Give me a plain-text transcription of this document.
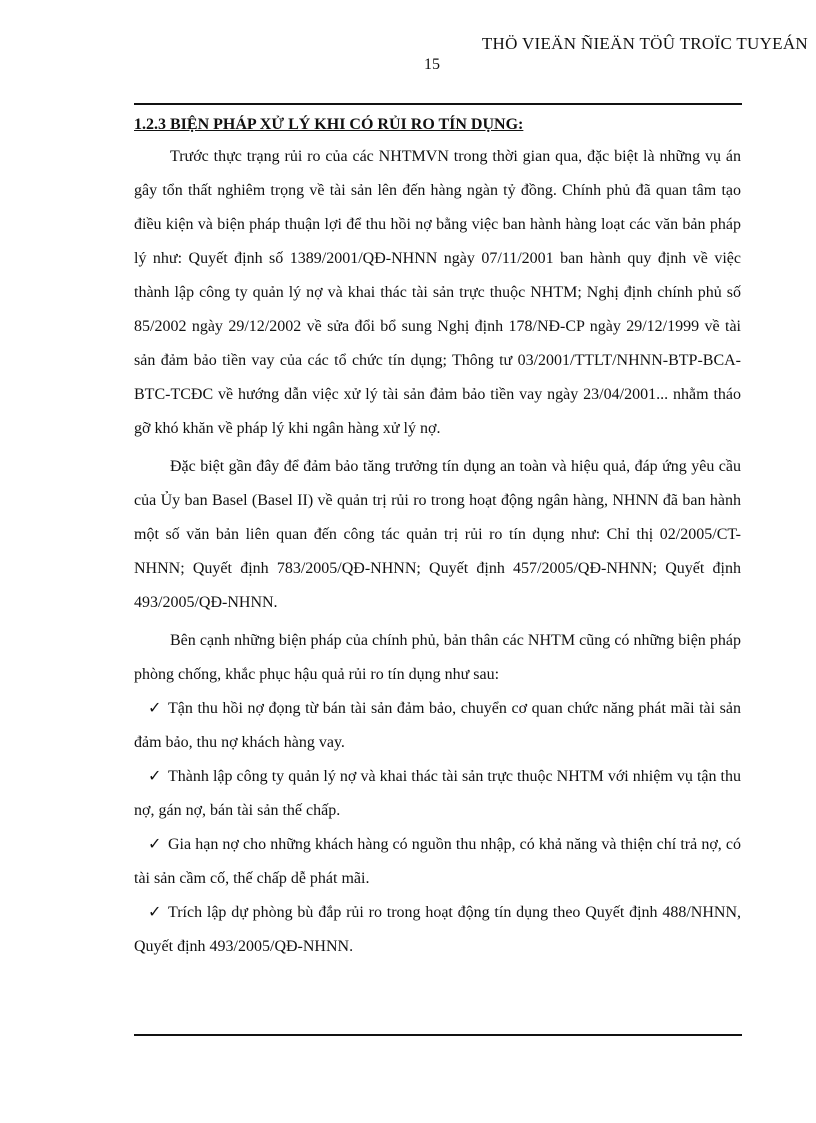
THÖ VIEÄN ÑIEÄN TÖÛ TROÏC TUYEÁN
15

1.2.3 BIỆN PHÁP XỬ LÝ KHI CÓ RỦI RO TÍN DỤNG:

Trước thực trạng rủi ro của các NHTMVN trong thời gian qua, đặc biệt là những vụ án gây tổn thất nghiêm trọng về tài sản lên đến hàng ngàn tỷ đồng. Chính phủ đã quan tâm tạo điều kiện và biện pháp thuận lợi để thu hồi nợ bằng việc ban hành hàng loạt các văn bản pháp lý như: Quyết định số 1389/2001/QĐ-NHNN ngày 07/11/2001 ban hành quy định về việc thành lập công ty quản lý nợ và khai thác tài sản trực thuộc NHTM; Nghị định chính phủ số 85/2002 ngày 29/12/2002 về sửa đổi bổ sung Nghị định 178/NĐ-CP ngày 29/12/1999 về tài sản đảm bảo tiền vay của các tổ chức tín dụng; Thông tư 03/2001/TTLT/NHNN-BTP-BCA-BTC-TCĐC về hướng dẫn việc xử lý tài sản đảm bảo tiền vay ngày 23/04/2001... nhằm tháo gỡ khó khăn về pháp lý khi ngân hàng xử lý nợ.

Đặc biệt gần đây để đảm bảo tăng trưởng tín dụng an toàn và hiệu quả, đáp ứng yêu cầu của Ủy ban Basel (Basel II) về quản trị rủi ro trong hoạt động ngân hàng, NHNN đã ban hành một số văn bản liên quan đến công tác quản trị rủi ro tín dụng như: Chỉ thị 02/2005/CT-NHNN; Quyết định 783/2005/QĐ-NHNN; Quyết định 457/2005/QĐ-NHNN; Quyết định 493/2005/QĐ-NHNN.

Bên cạnh những biện pháp của chính phủ, bản thân các NHTM cũng có những biện pháp phòng chống, khắc phục hậu quả rủi ro tín dụng như sau:

✓ Tận thu hồi nợ đọng từ bán tài sản đảm bảo, chuyển cơ quan chức năng phát mãi tài sản đảm bảo, thu nợ khách hàng vay.

✓ Thành lập công ty quản lý nợ và khai thác tài sản trực thuộc NHTM với nhiệm vụ tận thu nợ, gán nợ, bán tài sản thế chấp.

✓ Gia hạn nợ cho những khách hàng có nguồn thu nhập, có khả năng và thiện chí trả nợ, có tài sản cầm cố, thế chấp dễ phát mãi.

✓ Trích lập dự phòng bù đắp rủi ro trong hoạt động tín dụng theo Quyết định 488/NHNN, Quyết định 493/2005/QĐ-NHNN.
